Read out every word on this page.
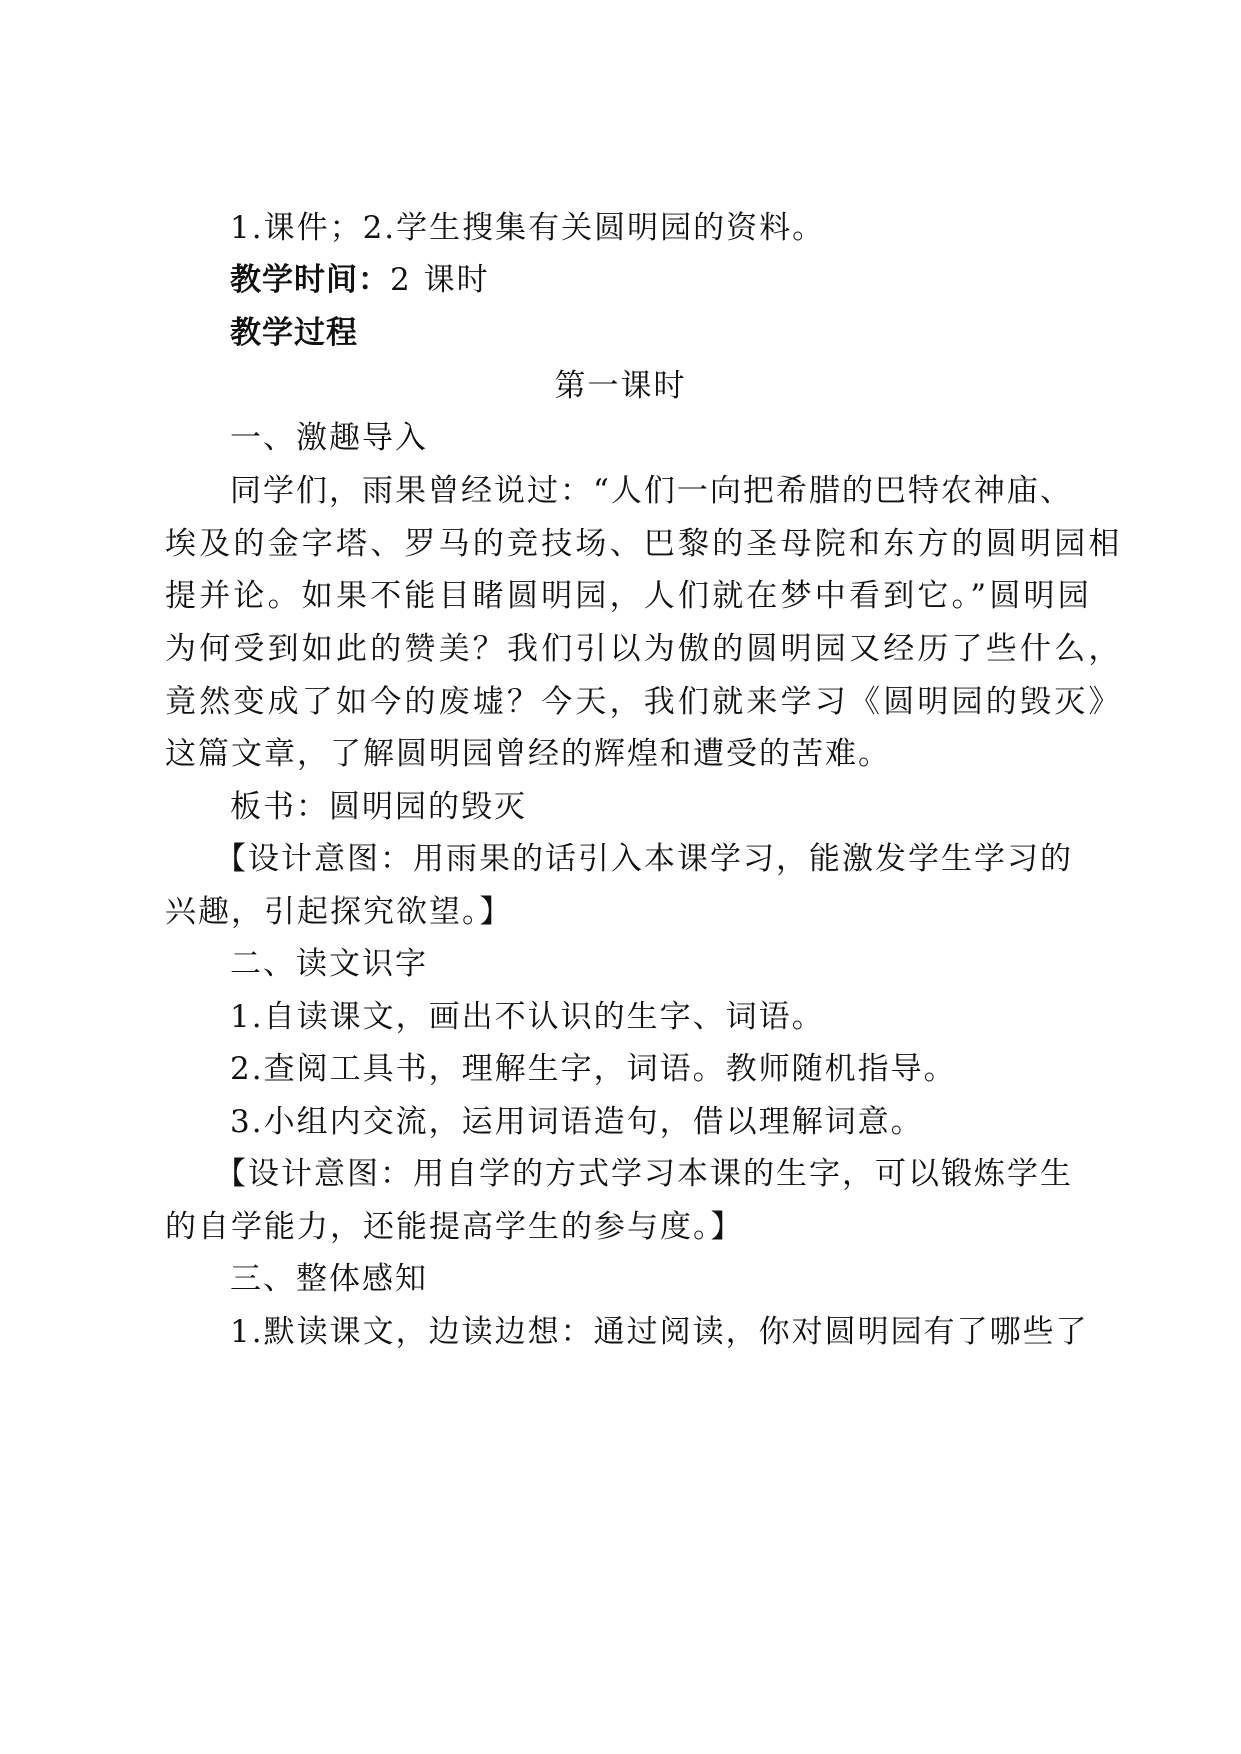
1.课件；2.学生搜集有关圆明园的资料。
教学时间：2 课时
教学过程
第一课时
一、激趣导入
同学们，雨果曾经说过：“人们一向把希腊的巴特农神庙、
埃及的金字塔、罗马的竞技场、巴黎的圣母院和东方的圆明园相
提并论。如果不能目睹圆明园，人们就在梦中看到它。”圆明园
为何受到如此的赞美？我们引以为傲的圆明园又经历了些什么，
竟然变成了如今的废墟？今天，我们就来学习《圆明园的毁灭》
这篇文章，了解圆明园曾经的辉煌和遭受的苦难。
板书：圆明园的毁灭
【设计意图：用雨果的话引入本课学习，能激发学生学习的
兴趣，引起探究欲望。】
二、读文识字
1.自读课文，画出不认识的生字、词语。
2.查阅工具书，理解生字，词语。教师随机指导。
3.小组内交流，运用词语造句，借以理解词意。
【设计意图：用自学的方式学习本课的生字，可以锻炼学生
的自学能力，还能提高学生的参与度。】
三、整体感知
1.默读课文，边读边想：通过阅读，你对圆明园有了哪些了
